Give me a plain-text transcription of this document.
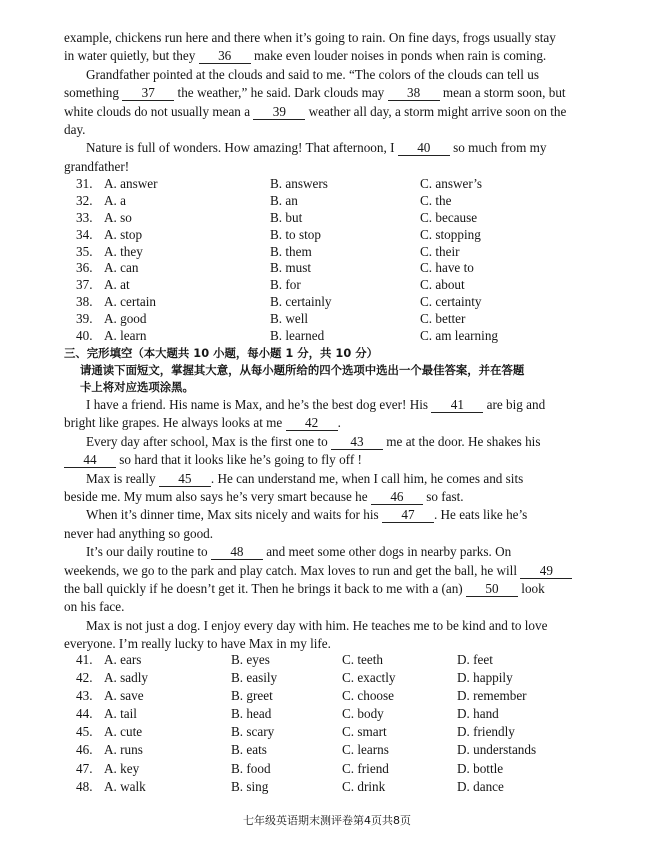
example, chickens run here and there when it’s going to rain. On fine days, frogs usually stay
in water quietly, but they 36 make even louder noises in ponds when rain is coming.
Grandfather pointed at the clouds and said to me. “The colors of the clouds can tell us
something 37 the weather,” he said. Dark clouds may 38 mean a storm soon, but
white clouds do not usually mean a 39 weather all day, a storm might arrive soon on the
day.
Nature is full of wonders. How amazing! That afternoon, I 40 so much from my
grandfather!
31. A. answer	B. answers	C. answer’s
32. A. a	B. an	C. the
33. A. so	B. but	C. because
34. A. stop	B. to stop	C. stopping
35. A. they	B. them	C. their
36. A. can	B. must	C. have to
37. A. at	B. for	C. about
38. A. certain	B. certainly	C. certainty
39. A. good	B. well	C. better
40. A. learn	B. learned	C. am learning
三、完形填空（本大题共 10 小题，每小题 1 分，共 10 分）
请通读下面短文，掌握其大意，从每小题所给的四个选项中选出一个最佳答案，并在答题
卡上将对应选项涂黑。
I have a friend. His name is Max, and he’s the best dog ever! His 41 are big and
bright like grapes. He always looks at me 42 .
Every day after school, Max is the first one to 43 me at the door. He shakes his
44 so hard that it looks like he’s going to fly off !
Max is really 45 . He can understand me, when I call him, he comes and sits
beside me. My mum also says he’s very smart because he 46 so fast.
When it’s dinner time, Max sits nicely and waits for his 47 . He eats like he’s
never had anything so good.
It’s our daily routine to 48 and meet some other dogs in nearby parks. On
weekends, we go to the park and play catch. Max loves to run and get the ball, he will 49
the ball quickly if he doesn’t get it. Then he brings it back to me with a (an) 50 look
on his face.
Max is not just a dog. I enjoy every day with him. He teaches me to be kind and to love
everyone. I’m really lucky to have Max in my life.
41. A. ears	B. eyes	C. teeth	D. feet
42. A. sadly	B. easily	C. exactly	D. happily
43. A. save	B. greet	C. choose	D. remember
44. A. tail	B. head	C. body	D. hand
45. A. cute	B. scary	C. smart	D. friendly
46. A. runs	B. eats	C. learns	D. understands
47. A. key	B. food	C. friend	D. bottle
48. A. walk	B. sing	C. drink	D. dance
七年级英语期末测评卷第4页共8页
